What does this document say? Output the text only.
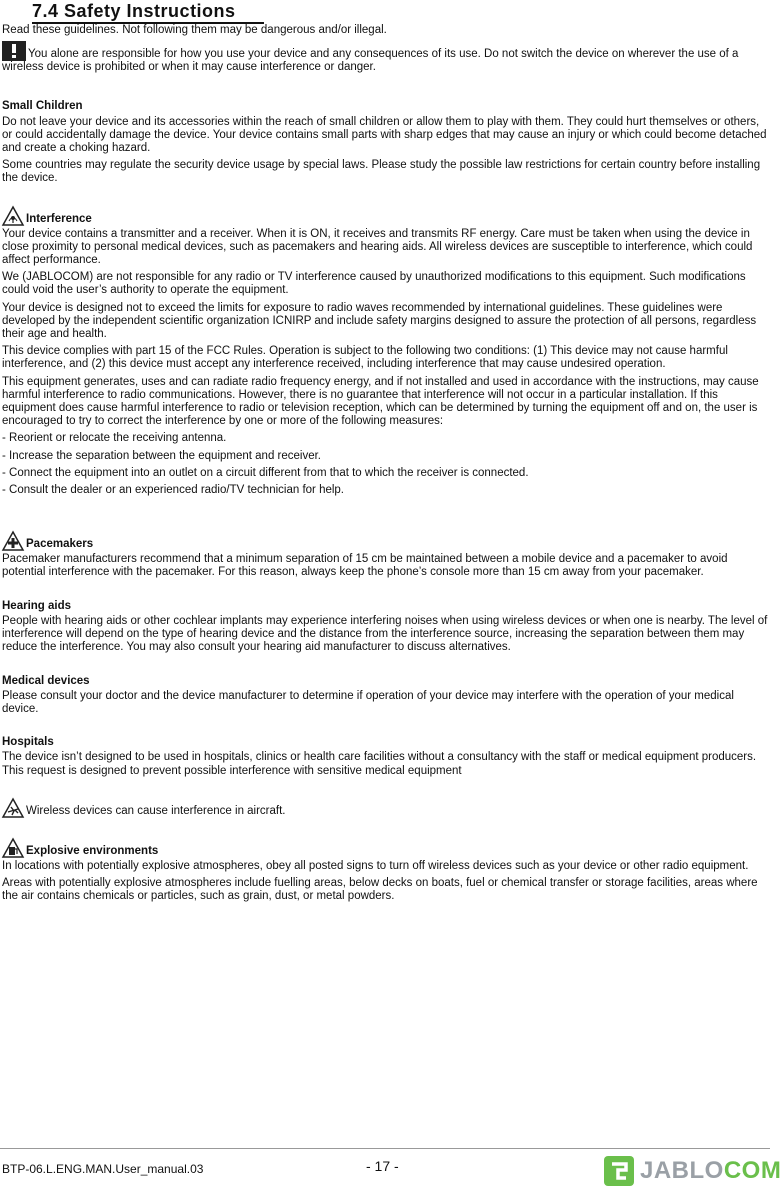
7.4 Safety Instructions

Read these guidelines. Not following them may be dangerous and/or illegal.

You alone are responsible for how you use your device and any consequences of its use. Do not switch the device on wherever the use of a wireless device is prohibited or when it may cause interference or danger.

Small Children

Do not leave your device and its accessories within the reach of small children or allow them to play with them. They could hurt themselves or others, or could accidentally damage the device. Your device contains small parts with sharp edges that may cause an injury or which could become detached and create a choking hazard.

Some countries may regulate the security device usage by special laws. Please study the possible law restrictions for certain country before installing the device.

Interference

Your device contains a transmitter and a receiver. When it is ON, it receives and transmits RF energy. Care must be taken when using the device in close proximity to personal medical devices, such as pacemakers and hearing aids. All wireless devices are susceptible to interference, which could affect performance.

We (JABLOCOM) are not responsible for any radio or TV interference caused by unauthorized modifications to this equipment. Such modifications could void the user’s authority to operate the equipment.

Your device is designed not to exceed the limits for exposure to radio waves recommended by international guidelines. These guidelines were developed by the independent scientific organization ICNIRP and include safety margins designed to assure the protection of all persons, regardless their age and health.

This device complies with part 15 of the FCC Rules. Operation is subject to the following two conditions: (1) This device may not cause harmful interference, and (2) this device must accept any interference received, including interference that may cause undesired operation.

This equipment generates, uses and can radiate radio frequency energy, and if not installed and used in accordance with the instructions, may cause harmful interference to radio communications. However, there is no guarantee that interference will not occur in a particular installation. If this equipment does cause harmful interference to radio or television reception, which can be determined by turning the equipment off and on, the user is encouraged to try to correct the interference by one or more of the following measures:

- Reorient or relocate the receiving antenna.

- Increase the separation between the equipment and receiver.

- Connect the equipment into an outlet on a circuit different from that to which the receiver is connected.

- Consult the dealer or an experienced radio/TV technician for help.

Pacemakers

Pacemaker manufacturers recommend that a minimum separation of 15 cm be maintained between a mobile device and a pacemaker to avoid potential interference with the pacemaker. For this reason, always keep the phone’s console more than 15 cm away from your pacemaker.

Hearing aids

People with hearing aids or other cochlear implants may experience interfering noises when using wireless devices or when one is nearby. The level of interference will depend on the type of hearing device and the distance from the interference source, increasing the separation between them may reduce the interference. You may also consult your hearing aid manufacturer to discuss alternatives.

Medical devices

Please consult your doctor and the device manufacturer to determine if operation of your device may interfere with the operation of your medical device.

Hospitals

The device isn’t designed to be used in hospitals, clinics or health care facilities without a consultancy with the staff or medical equipment producers. This request is designed to prevent possible interference with sensitive medical equipment

Wireless devices can cause interference in aircraft.

Explosive environments

In locations with potentially explosive atmospheres, obey all posted signs to turn off wireless devices such as your device or other radio equipment.

Areas with potentially explosive atmospheres include fuelling areas, below decks on boats, fuel or chemical transfer or storage facilities, areas where the air contains chemicals or particles, such as grain, dust, or metal powders.

BTP-06.L.ENG.MAN.User_manual.03	- 17 -	JABLOCOM
